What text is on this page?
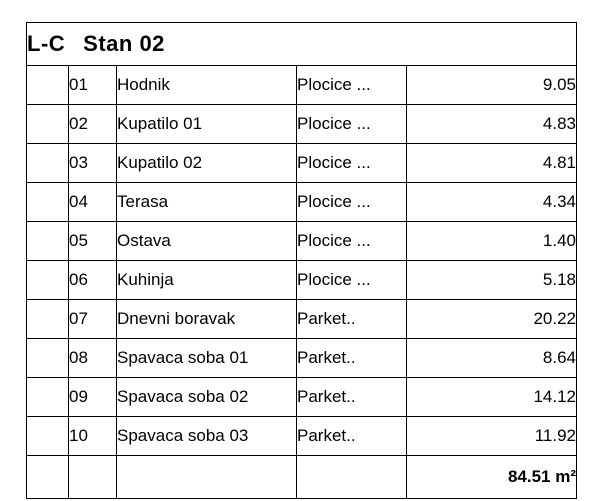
L-C Stan 02				
	01	Hodnik	Plocice ...	9.05
	02	Kupatilo 01	Plocice ...	4.83
	03	Kupatilo 02	Plocice ...	4.81
	04	Terasa	Plocice ...	4.34
	05	Ostava	Plocice ...	1.40
	06	Kuhinja	Plocice ...	5.18
	07	Dnevni boravak	Parket..	20.22
	08	Spavaca soba 01	Parket..	8.64
	09	Spavaca soba 02	Parket..	14.12
	10	Spavaca soba 03	Parket..	11.92
				84.51 m²
